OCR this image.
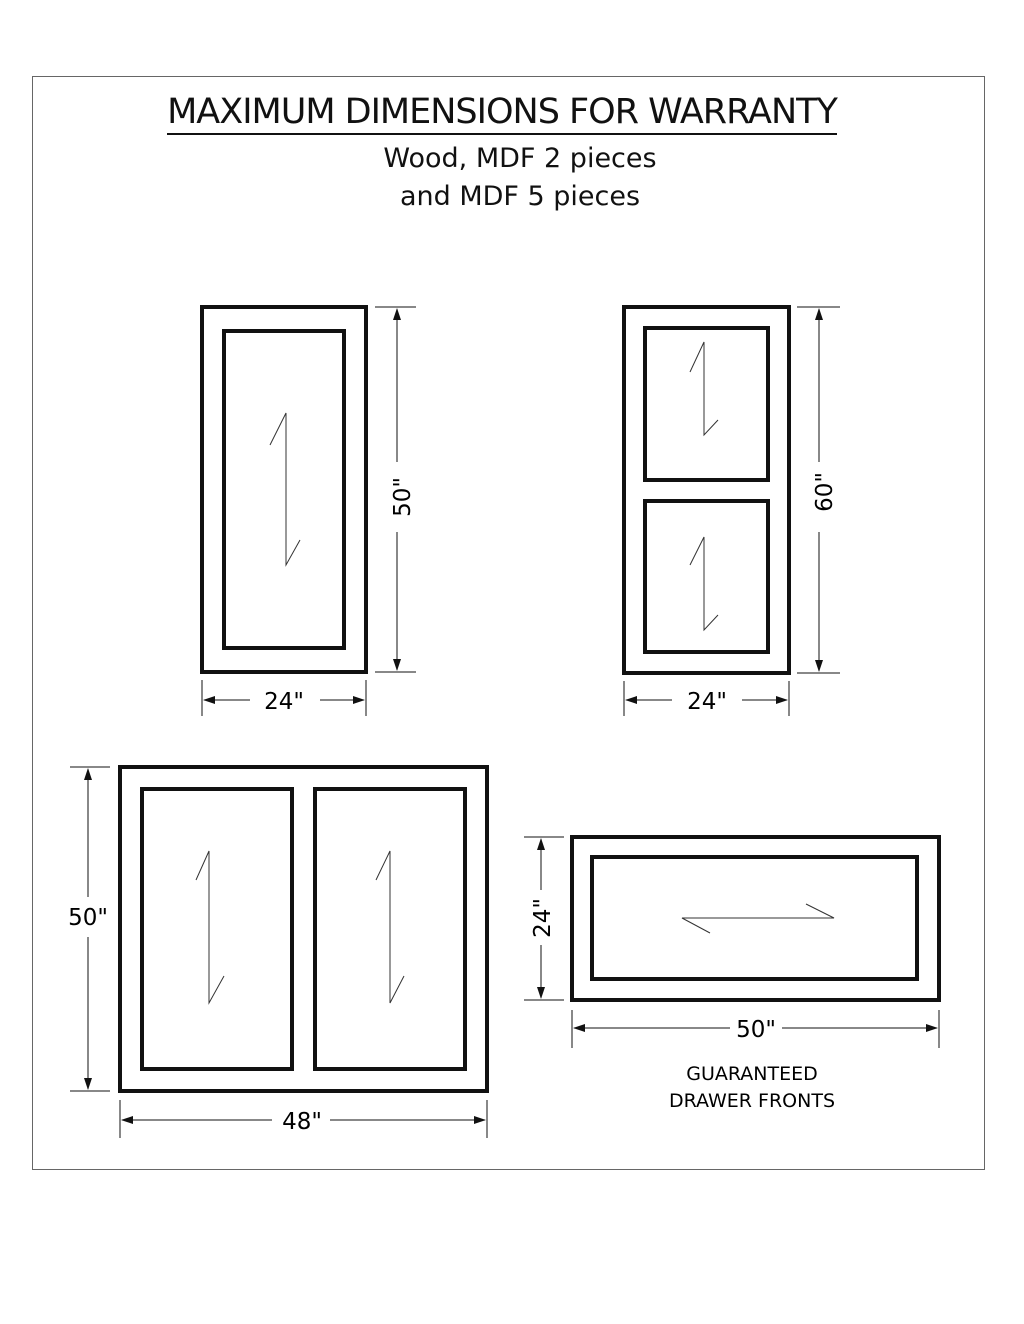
MAXIMUM DIMENSIONS FOR WARRANTY
Wood, MDF 2 pieces
and MDF 5 pieces
50"
24"
60"
24"
50"
48"
24"
50"
GUARANTEED
DRAWER FRONTS
